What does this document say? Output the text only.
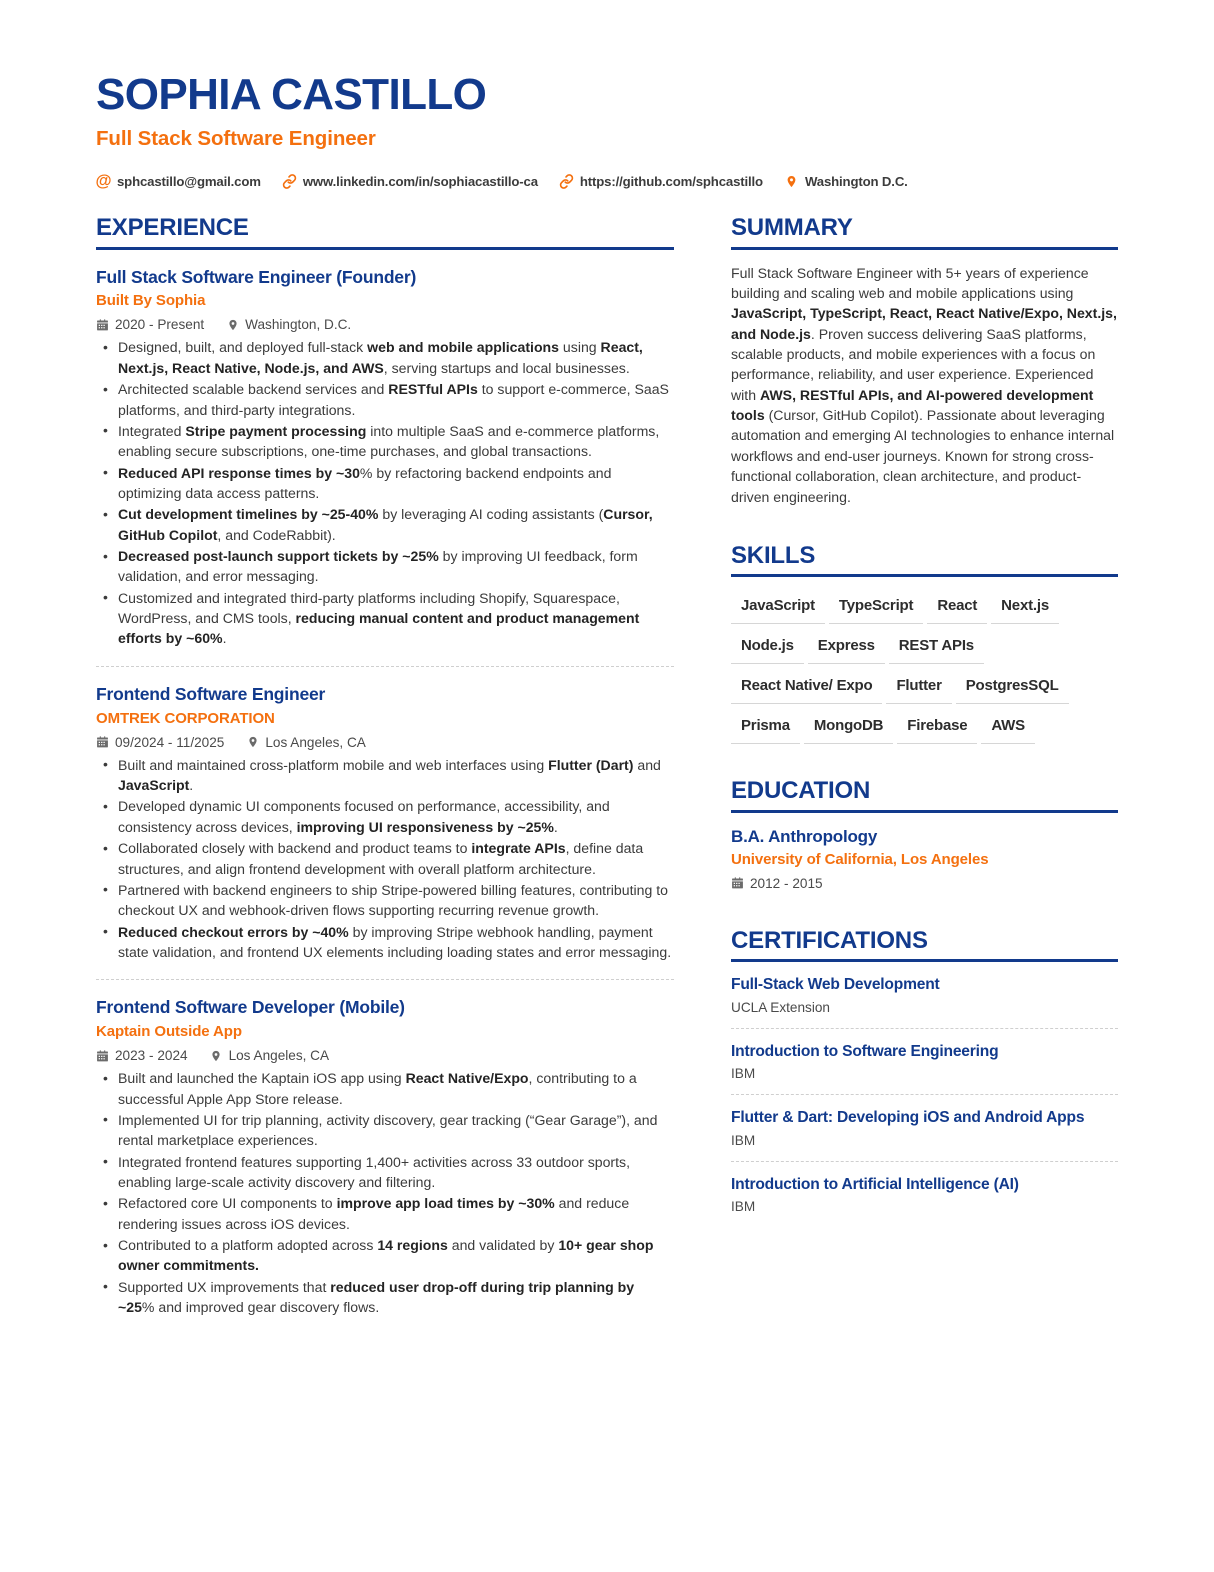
SOPHIA CASTILLO
Full Stack Software Engineer
@ sphcastillo@gmail.com	www.linkedin.com/in/sophiacastillo-ca	https://github.com/sphcastillo	Washington D.C.
EXPERIENCE
Full Stack Software Engineer (Founder)
Built By Sophia
2020 - Present	Washington, D.C.
• Designed, built, and deployed full-stack web and mobile applications using React, Next.js, React Native, Node.js, and AWS, serving startups and local businesses.
• Architected scalable backend services and RESTful APIs to support e-commerce, SaaS platforms, and third-party integrations.
• Integrated Stripe payment processing into multiple SaaS and e-commerce platforms, enabling secure subscriptions, one-time purchases, and global transactions.
• Reduced API response times by ~30% by refactoring backend endpoints and optimizing data access patterns.
• Cut development timelines by ~25-40% by leveraging AI coding assistants (Cursor, GitHub Copilot, and CodeRabbit).
• Decreased post-launch support tickets by ~25% by improving UI feedback, form validation, and error messaging.
• Customized and integrated third-party platforms including Shopify, Squarespace, WordPress, and CMS tools, reducing manual content and product management efforts by ~60%.
Frontend Software Engineer
OMTREK CORPORATION
09/2024 - 11/2025	Los Angeles, CA
• Built and maintained cross-platform mobile and web interfaces using Flutter (Dart) and JavaScript.
• Developed dynamic UI components focused on performance, accessibility, and consistency across devices, improving UI responsiveness by ~25%.
• Collaborated closely with backend and product teams to integrate APIs, define data structures, and align frontend development with overall platform architecture.
• Partnered with backend engineers to ship Stripe-powered billing features, contributing to checkout UX and webhook-driven flows supporting recurring revenue growth.
• Reduced checkout errors by ~40% by improving Stripe webhook handling, payment state validation, and frontend UX elements including loading states and error messaging.
Frontend Software Developer (Mobile)
Kaptain Outside App
2023 - 2024	Los Angeles, CA
• Built and launched the Kaptain iOS app using React Native/Expo, contributing to a successful Apple App Store release.
• Implemented UI for trip planning, activity discovery, gear tracking (“Gear Garage”), and rental marketplace experiences.
• Integrated frontend features supporting 1,400+ activities across 33 outdoor sports, enabling large-scale activity discovery and filtering.
• Refactored core UI components to improve app load times by ~30% and reduce rendering issues across iOS devices.
• Contributed to a platform adopted across 14 regions and validated by 10+ gear shop owner commitments.
• Supported UX improvements that reduced user drop-off during trip planning by ~25% and improved gear discovery flows.
SUMMARY
Full Stack Software Engineer with 5+ years of experience building and scaling web and mobile applications using JavaScript, TypeScript, React, React Native/Expo, Next.js, and Node.js. Proven success delivering SaaS platforms, scalable products, and mobile experiences with a focus on performance, reliability, and user experience. Experienced with AWS, RESTful APIs, and AI-powered development tools (Cursor, GitHub Copilot). Passionate about leveraging automation and emerging AI technologies to enhance internal workflows and end-user journeys. Known for strong cross-functional collaboration, clean architecture, and product-driven engineering.
SKILLS
JavaScript	TypeScript	React	Next.js
Node.js	Express	REST APIs
React Native/ Expo	Flutter	PostgresSQL
Prisma	MongoDB	Firebase	AWS
EDUCATION
B.A. Anthropology
University of California, Los Angeles
2012 - 2015
CERTIFICATIONS
Full-Stack Web Development
UCLA Extension
Introduction to Software Engineering
IBM
Flutter & Dart: Developing iOS and Android Apps
IBM
Introduction to Artificial Intelligence (AI)
IBM
